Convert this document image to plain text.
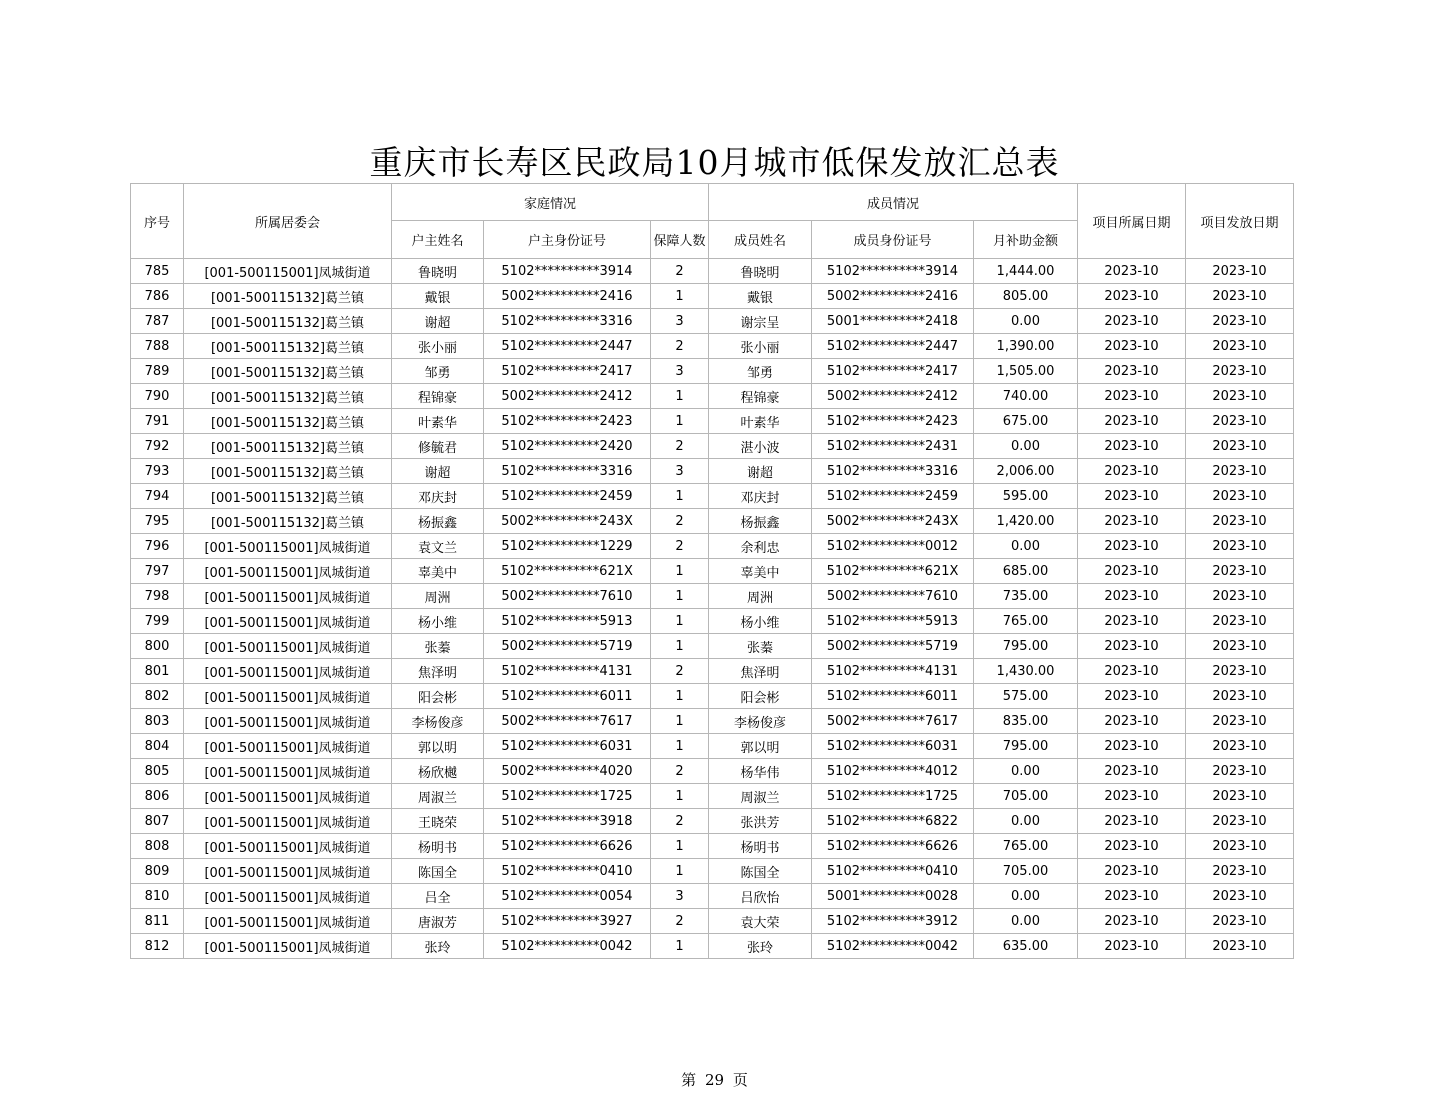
重庆市长寿区民政局10月城市低保发放汇总表
序号	所属居委会	家庭情况			成员情况			项目所属日期	项目发放日期
		户主姓名	户主身份证号	保障人数	成员姓名	成员身份证号	月补助金额		
785	[001-500115001]凤城街道	鲁晓明	5102**********3914	2	鲁晓明	5102**********3914	1,444.00	2023-10	2023-10
786	[001-500115132]葛兰镇	戴银	5002**********2416	1	戴银	5002**********2416	805.00	2023-10	2023-10
787	[001-500115132]葛兰镇	谢超	5102**********3316	3	谢宗呈	5001**********2418	0.00	2023-10	2023-10
788	[001-500115132]葛兰镇	张小丽	5102**********2447	2	张小丽	5102**********2447	1,390.00	2023-10	2023-10
789	[001-500115132]葛兰镇	邹勇	5102**********2417	3	邹勇	5102**********2417	1,505.00	2023-10	2023-10
790	[001-500115132]葛兰镇	程锦豪	5002**********2412	1	程锦豪	5002**********2412	740.00	2023-10	2023-10
791	[001-500115132]葛兰镇	叶素华	5102**********2423	1	叶素华	5102**********2423	675.00	2023-10	2023-10
792	[001-500115132]葛兰镇	修毓君	5102**********2420	2	湛小波	5102**********2431	0.00	2023-10	2023-10
793	[001-500115132]葛兰镇	谢超	5102**********3316	3	谢超	5102**********3316	2,006.00	2023-10	2023-10
794	[001-500115132]葛兰镇	邓庆封	5102**********2459	1	邓庆封	5102**********2459	595.00	2023-10	2023-10
795	[001-500115132]葛兰镇	杨振鑫	5002**********243X	2	杨振鑫	5002**********243X	1,420.00	2023-10	2023-10
796	[001-500115001]凤城街道	袁文兰	5102**********1229	2	余利忠	5102**********0012	0.00	2023-10	2023-10
797	[001-500115001]凤城街道	辜美中	5102**********621X	1	辜美中	5102**********621X	685.00	2023-10	2023-10
798	[001-500115001]凤城街道	周洲	5002**********7610	1	周洲	5002**********7610	735.00	2023-10	2023-10
799	[001-500115001]凤城街道	杨小维	5102**********5913	1	杨小维	5102**********5913	765.00	2023-10	2023-10
800	[001-500115001]凤城街道	张蓁	5002**********5719	1	张蓁	5002**********5719	795.00	2023-10	2023-10
801	[001-500115001]凤城街道	焦泽明	5102**********4131	2	焦泽明	5102**********4131	1,430.00	2023-10	2023-10
802	[001-500115001]凤城街道	阳会彬	5102**********6011	1	阳会彬	5102**********6011	575.00	2023-10	2023-10
803	[001-500115001]凤城街道	李杨俊彦	5002**********7617	1	李杨俊彦	5002**********7617	835.00	2023-10	2023-10
804	[001-500115001]凤城街道	郭以明	5102**********6031	1	郭以明	5102**********6031	795.00	2023-10	2023-10
805	[001-500115001]凤城街道	杨欣樾	5002**********4020	2	杨华伟	5102**********4012	0.00	2023-10	2023-10
806	[001-500115001]凤城街道	周淑兰	5102**********1725	1	周淑兰	5102**********1725	705.00	2023-10	2023-10
807	[001-500115001]凤城街道	王晓荣	5102**********3918	2	张洪芳	5102**********6822	0.00	2023-10	2023-10
808	[001-500115001]凤城街道	杨明书	5102**********6626	1	杨明书	5102**********6626	765.00	2023-10	2023-10
809	[001-500115001]凤城街道	陈国全	5102**********0410	1	陈国全	5102**********0410	705.00	2023-10	2023-10
810	[001-500115001]凤城街道	吕全	5102**********0054	3	吕欣怡	5001**********0028	0.00	2023-10	2023-10
811	[001-500115001]凤城街道	唐淑芳	5102**********3927	2	袁大荣	5102**********3912	0.00	2023-10	2023-10
812	[001-500115001]凤城街道	张玲	5102**********0042	1	张玲	5102**********0042	635.00	2023-10	2023-10
第 29 页
